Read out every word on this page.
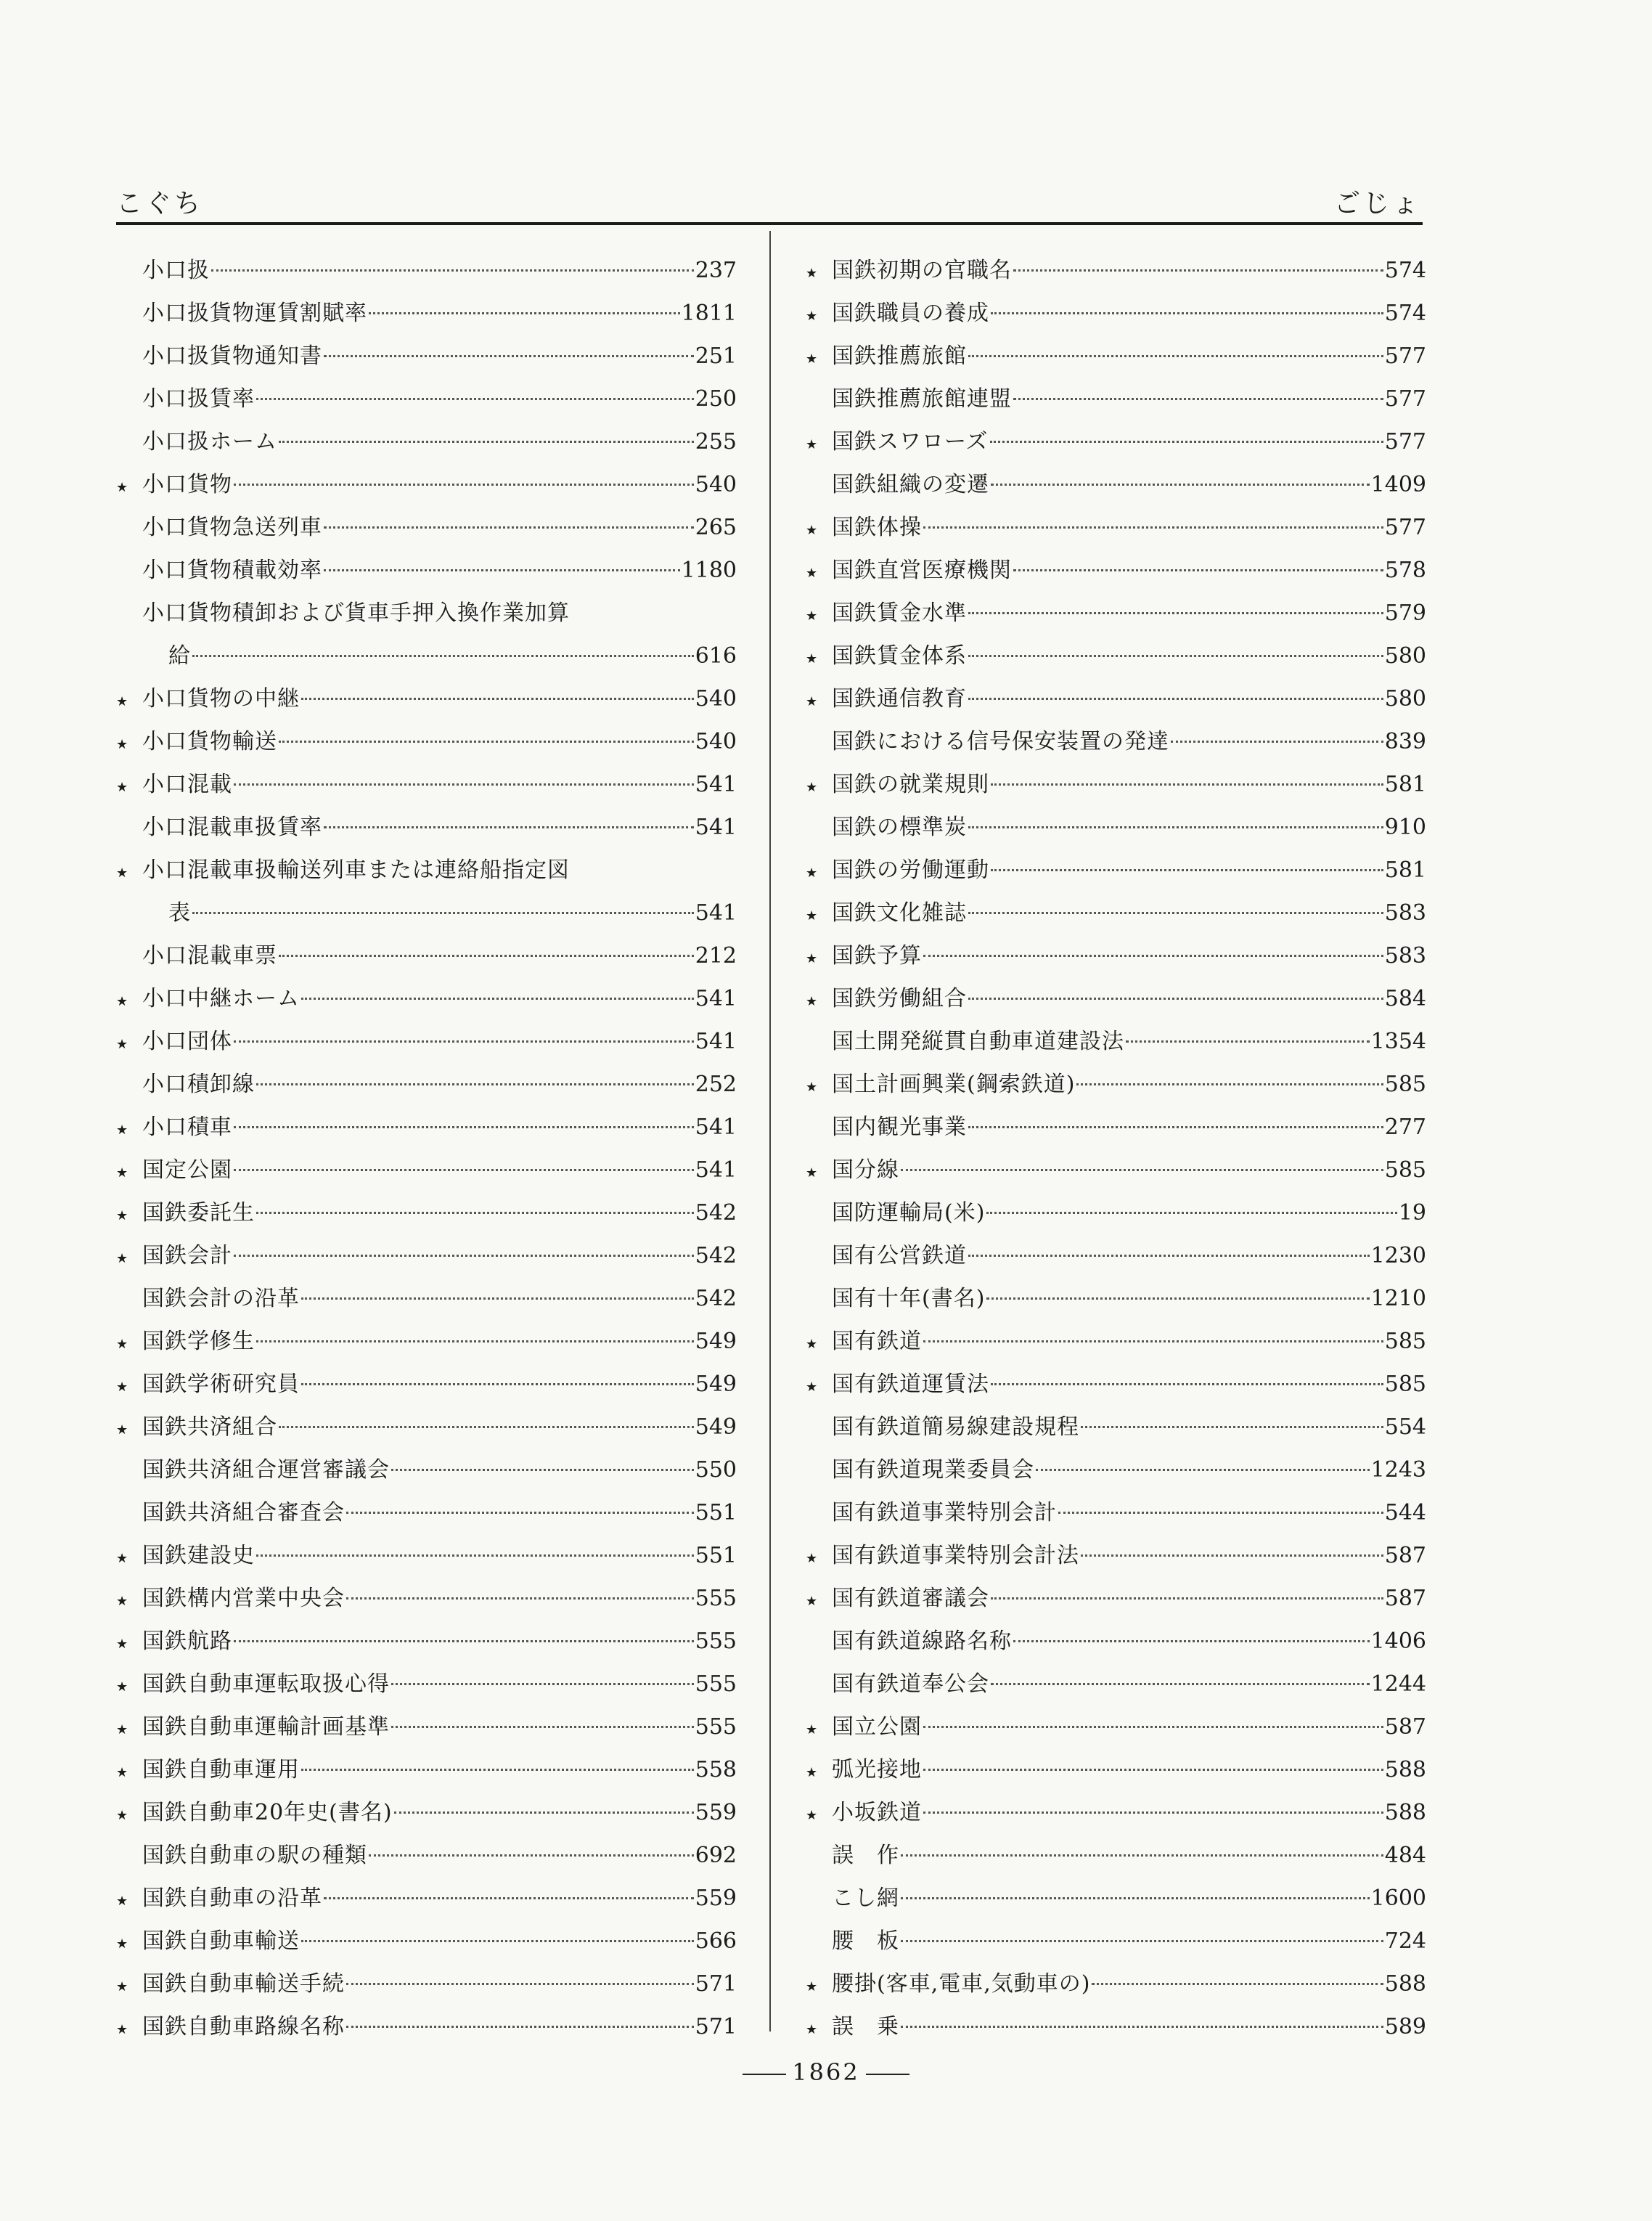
こぐち	ごじょ
小口扱	237
小口扱貨物運賃割賦率	1811
小口扱貨物通知書	251
小口扱賃率	250
小口扱ホーム	255
★ 小口貨物	540
小口貨物急送列車	265
小口貨物積載効率	1180
小口貨物積卸および貨車手押入換作業加算
給	616
★ 小口貨物の中継	540
★ 小口貨物輸送	540
★ 小口混載	541
小口混載車扱賃率	541
★ 小口混載車扱輸送列車または連絡船指定図
表	541
小口混載車票	212
★ 小口中継ホーム	541
★ 小口団体	541
小口積卸線	252
★ 小口積車	541
★ 国定公園	541
★ 国鉄委託生	542
★ 国鉄会計	542
国鉄会計の沿革	542
★ 国鉄学修生	549
★ 国鉄学術研究員	549
★ 国鉄共済組合	549
国鉄共済組合運営審議会	550
国鉄共済組合審査会	551
★ 国鉄建設史	551
★ 国鉄構内営業中央会	555
★ 国鉄航路	555
★ 国鉄自動車運転取扱心得	555
★ 国鉄自動車運輸計画基準	555
★ 国鉄自動車運用	558
★ 国鉄自動車20年史(書名)	559
国鉄自動車の駅の種類	692
★ 国鉄自動車の沿革	559
★ 国鉄自動車輸送	566
★ 国鉄自動車輸送手続	571
★ 国鉄自動車路線名称	571
★ 国鉄初期の官職名	574
★ 国鉄職員の養成	574
★ 国鉄推薦旅館	577
国鉄推薦旅館連盟	577
★ 国鉄スワローズ	577
国鉄組織の変遷	1409
★ 国鉄体操	577
★ 国鉄直営医療機関	578
★ 国鉄賃金水準	579
★ 国鉄賃金体系	580
★ 国鉄通信教育	580
国鉄における信号保安装置の発達	839
★ 国鉄の就業規則	581
国鉄の標準炭	910
★ 国鉄の労働運動	581
★ 国鉄文化雑誌	583
★ 国鉄予算	583
★ 国鉄労働組合	584
国土開発縦貫自動車道建設法	1354
★ 国土計画興業(鋼索鉄道)	585
国内観光事業	277
★ 国分線	585
国防運輸局(米)	19
国有公営鉄道	1230
国有十年(書名)	1210
★ 国有鉄道	585
★ 国有鉄道運賃法	585
国有鉄道簡易線建設規程	554
国有鉄道現業委員会	1243
国有鉄道事業特別会計	544
★ 国有鉄道事業特別会計法	587
★ 国有鉄道審議会	587
国有鉄道線路名称	1406
国有鉄道奉公会	1244
★ 国立公園	587
★ 弧光接地	588
★ 小坂鉄道	588
誤　作	484
こし網	1600
腰　板	724
★ 腰掛(客車,電車,気動車の)	588
★ 誤　乗	589
1862
